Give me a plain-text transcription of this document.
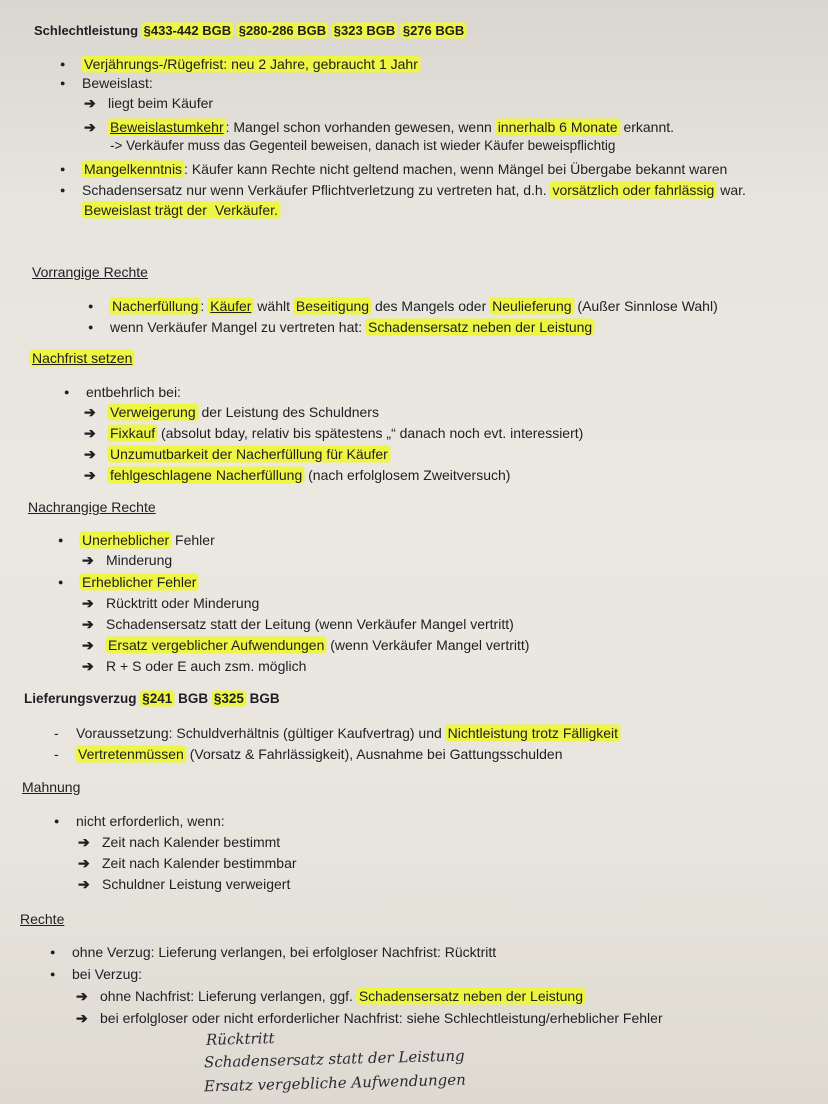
Schlechtleistung §433-442 BGB §280-286 BGB §323 BGB §276 BGB
● Verjährungs-/Rügefrist: neu 2 Jahre, gebraucht 1 Jahr
● Beweislast:
➔ liegt beim Käufer
➔ Beweislastumkehr : Mangel schon vorhanden gewesen, wenn innerhalb 6 Monate erkannt.
-> Verkäufer muss das Gegenteil beweisen, danach ist wieder Käufer beweispflichtig
● Mangelkenntnis : Käufer kann Rechte nicht geltend machen, wenn Mängel bei Übergabe bekannt waren
● Schadensersatz nur wenn Verkäufer Pflichtverletzung zu vertreten hat, d.h. vorsätzlich oder fahrlässig war.
Beweislast trägt der Verkäufer.
Vorrangige Rechte
● Nacherfüllung : Käufer wählt Beseitigung des Mangels oder Neulieferung (Außer Sinnlose Wahl)
● wenn Verkäufer Mangel zu vertreten hat: Schadensersatz neben der Leistung
Nachfrist setzen
● entbehrlich bei:
➔ Verweigerung der Leistung des Schuldners
➔ Fixkauf (absolut bday, relativ bis spätestens „“ danach noch evt. interessiert)
➔ Unzumutbarkeit der Nacherfüllung für Käufer
➔ fehlgeschlagene Nacherfüllung (nach erfolglosem Zweitversuch)
Nachrangige Rechte
● Unerheblicher Fehler
➔ Minderung
● Erheblicher Fehler
➔ Rücktritt oder Minderung
➔ Schadensersatz statt der Leitung (wenn Verkäufer Mangel vertritt)
➔ Ersatz vergeblicher Aufwendungen (wenn Verkäufer Mangel vertritt)
➔ R + S oder E auch zsm. möglich
Lieferungsverzug §241 BGB §325 BGB
- Voraussetzung: Schuldverhältnis (gültiger Kaufvertrag) und Nichtleistung trotz Fälligkeit
- Vertretenmüssen (Vorsatz & Fahrlässigkeit), Ausnahme bei Gattungsschulden
Mahnung
● nicht erforderlich, wenn:
➔ Zeit nach Kalender bestimmt
➔ Zeit nach Kalender bestimmbar
➔ Schuldner Leistung verweigert
Rechte
● ohne Verzug: Lieferung verlangen, bei erfolgloser Nachfrist: Rücktritt
● bei Verzug:
➔ ohne Nachfrist: Lieferung verlangen, ggf. Schadensersatz neben der Leistung
➔ bei erfolgloser oder nicht erforderlicher Nachfrist: siehe Schlechtleistung/erheblicher Fehler
Rücktritt
Schadensersatz statt der Leistung
Ersatz vergebliche Aufwendungen
